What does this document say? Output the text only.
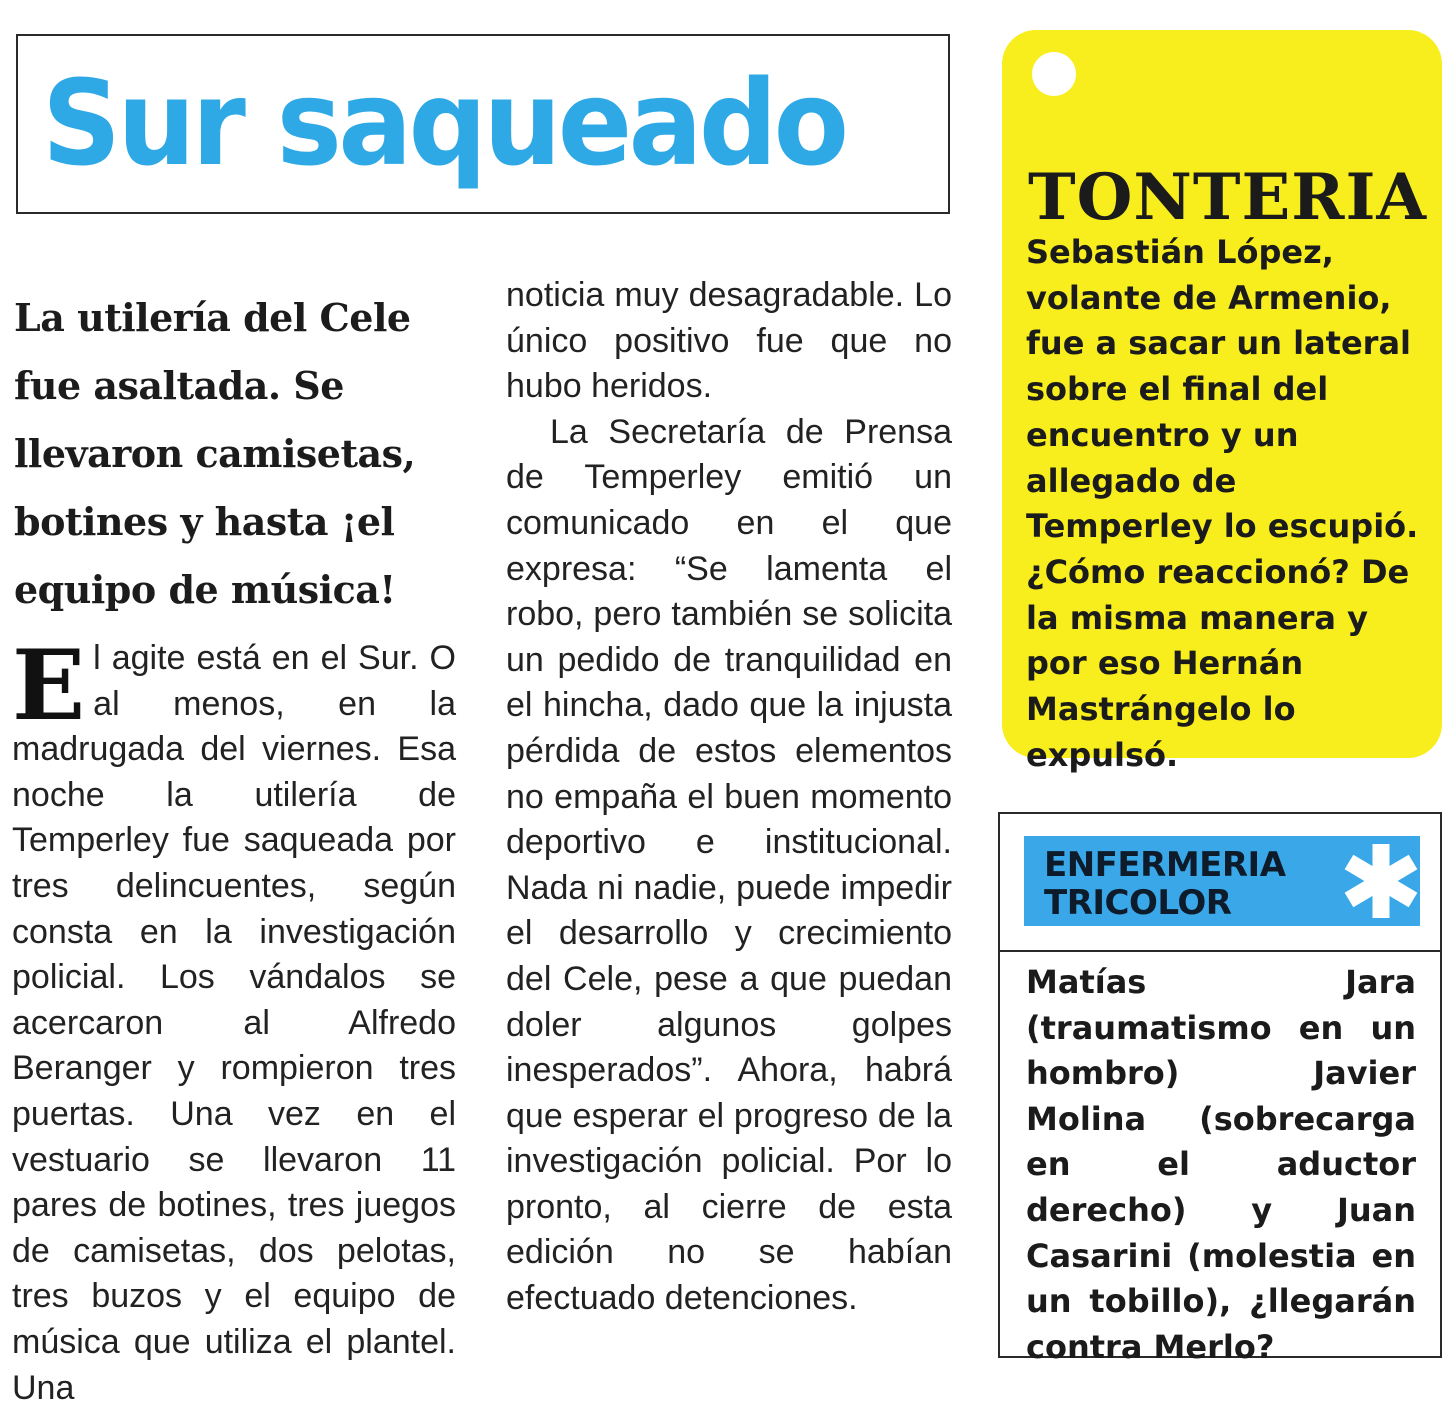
Sur saqueado

La utilería del Cele fue asaltada. Se llevaron camisetas, botines y hasta ¡el equipo de música!

E l agite está en el Sur. O al menos, en la madrugada del viernes. Esa noche la utilería de Temperley fue saqueada por tres delincuentes, según consta en la investigación policial. Los vándalos se acercaron al Alfredo Beranger y rompieron tres puertas. Una vez en el vestuario se llevaron 11 pares de botines, tres juegos de camisetas, dos pelotas, tres buzos y el equipo de música que utiliza el plantel. Una

noticia muy desagradable. Lo único positivo fue que no hubo heridos.

La Secretaría de Prensa de Temperley emitió un comunicado en el que expresa: “Se lamenta el robo, pero también se solicita un pedido de tranquilidad en el hincha, dado que la injusta pérdida de estos elementos no empaña el buen momento deportivo e institucional. Nada ni nadie, puede impedir el desarrollo y crecimiento del Cele, pese a que puedan doler algunos golpes inesperados”. Ahora, habrá que esperar el progreso de la investigación policial. Por lo pronto, al cierre de esta edición no se habían efectuado detenciones.

TONTERIA

Sebastián López, volante de Armenio, fue a sacar un lateral sobre el final del encuentro y un allegado de Temperley lo escupió. ¿Cómo reaccionó? De la misma manera y por eso Hernán Mastrángelo lo expulsó.

ENFERMERIA
TRICOLOR

Matías Jara (traumatismo en un hombro) Javier Molina (sobrecarga en el aductor derecho) y Juan Casarini (molestia en un tobillo), ¿llegarán contra Merlo?
